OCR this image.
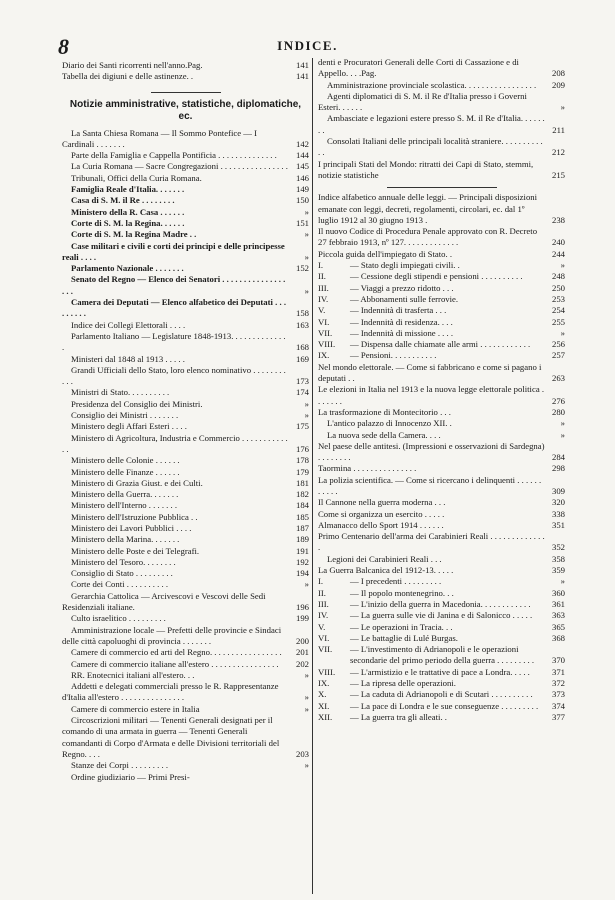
8	INDICE.
Diario dei Santi ricorrenti nell'anno.Pag.	141
Tabella dei digiuni e delle astinenze. .	141
Notizie amministrative, statistiche, diplomatiche, ec.
La Santa Chiesa Romana — Il Sommo Pontefice — I Cardinali . . . . . . .	142
Parte della Famiglia e Cappella Pontificia . . . . . . . . . . . . . .	144
La Curia Romana — Sacre Congregazioni . . . . . . . . . . . . . . . . 145
Tribunali, Offici della Curia Romana.	146
Famiglia Reale d'Italia. . . . . . .	149
Casa di S. M. il Re . . . . . . . .	150
Ministero della R. Casa . . . . . .	»
Corte di S. M. la Regina. . . . . .	151
Corte di S. M. la Regina Madre . .	»
Case militari e civili e corti dei principi e delle principesse reali . . . .	»
Parlamento Nazionale . . . . . . .	152
Senato del Regno — Elenco dei Senatori . . . . . . . . . . . . . . . . . .	»
Camera dei Deputati — Elenco alfabetico dei Deputati . . . . . . . . .	158
Indice dei Collegi Elettorali . . . .	163
Parlamento Italiano — Legislature 1848-1913. . . . . . . . . . . . . .	168
Ministeri dal 1848 al 1913 . . . . .	169
Grandi Ufficiali dello Stato, loro elenco nominativo . . . . . . . . . . .	173
Ministri di Stato. . . . . . . . . .	174
Presidenza del Consiglio dei Ministri.	»
Consiglio dei Ministri . . . . . . .	»
Ministero degli Affari Esteri . . . .	175
Ministero di Agricoltura, Industria e Commercio . . . . . . . . . . . . .	176
Ministero delle Colonie . . . . . .	178
Ministero delle Finanze . . . . . .	179
Ministero di Grazia Giust. e dei Culti.	181
Ministero della Guerra. . . . . . .	182
Ministero dell'Interno . . . . . . .	184
Ministero dell'Istruzione Pubblica . .	185
Ministero dei Lavori Pubblici . . . .	187
Ministero della Marina. . . . . . .	189
Ministero delle Poste e dei Telegrafi.	191
Ministero del Tesoro. . . . . . . .	192
Consiglio di Stato . . . . . . . . .	194
Corte dei Conti . . . . . . . . . .	»
Gerarchia Cattolica — Arcivescovi e Vescovi delle Sedi Residenziali italiane.	196
Culto israelitico . . . . . . . . .	199
Amministrazione locale — Prefetti delle provincie e Sindaci delle città capoluoghi di provincia . . . . . . .	200
Camere di commercio ed arti del Regno. . . . . . . . . . . . . . . . .	201
Camere di commercio italiane all'estero . . . . . . . . . . . . . . . .	202
RR. Enotecnici italiani all'estero. . .	»
Addetti e delegati commerciali presso le R. Rappresentanze d'Italia all'estero . . . . . . . . . . . . . . .	»
Camere di commercio estere in Italia	»
Circoscrizioni militari — Tenenti Generali designati per il comando di una armata in guerra — Tenenti Generali comandanti di Corpo d'Armata e delle Divisioni territoriali del Regno. . . .	203
Stanze dei Corpi . . . . . . . . .	»
Ordine giudiziario — Primi Presi-
denti e Procuratori Generali delle Corti di Cassazione e di Appello. . . .Pag.	208
Amministrazione provinciale scolastica. . . . . . . . . . . . . . . . .	209
Agenti diplomatici di S. M. il Re d'Italia presso i Governi Esteri. . . . . .	»
Ambasciate e legazioni estere presso S. M. il Re d'Italia. . . . . . . .	211
Consolati Italiani delle principali località straniere. . . . . . . . . . . .	212
I principali Stati del Mondo: ritratti dei Capi di Stato, stemmi, notizie statistiche	215
Indice alfabetico annuale delle leggi. — Principali disposizioni emanate con leggi, decreti, regolamenti, circolari, ec. dal 1º luglio 1912 al 30 giugno 1913 .	238
Il nuovo Codice di Procedura Penale approvato con R. Decreto 27 febbraio 1913, nº 127. . . . . . . . . . . . .	240
Piccola guida dell'impiegato di Stato. .	244
I.	— Stato degli impiegati civili. .	»
II.	— Cessione degli stipendi e pensioni . . . . . . . . . .	248
III.	— Viaggi a prezzo ridotto . . .	250
IV.	— Abbonamenti sulle ferrovie.	253
V.	— Indennità di trasferta . . .	254
VI.	— Indennità di residenza. . . .	255
VII.	— Indennità di missione . . . .	»
VIII.	— Dispensa dalle chiamate alle armi . . . . . . . . . . . .	256
IX.	— Pensioni. . . . . . . . . . .	257
Nel mondo elettorale. — Come si fabbricano e come si pagano i deputati . .	263
Le elezioni in Italia nel 1913 e la nuova legge elettorale politica . . . . . . .	276
La trasformazione di Montecitorio . . .	280
L'antico palazzo di Innocenzo XII. .	»
La nuova sede della Camera. . . .	»
Nel paese delle antitesi. (Impressioni e osservazioni di Sardegna) . . . . . . . .	284
Taormina . . . . . . . . . . . . . . .	298
La polizia scientifica. — Come si ricercano i delinquenti . . . . . . . . . . .	309
Il Cannone nella guerra moderna . . .	320
Come si organizza un esercito . . . . .	338
Almanacco dello Sport 1914 . . . . . .	351
Primo Centenario dell'arma dei Carabinieri Reali . . . . . . . . . . . . . .	352
Legioni dei Carabinieri Reali . . .	358
La Guerra Balcanica del 1912-13. . . . .	359
I.	— I precedenti . . . . . . . . .	»
II.	— Il popolo montenegrino. . .	360
III.	— L'inizio della guerra in Macedonia. . . . . . . . . . . .	361
IV.	— La guerra sulle vie di Janina e di Salonicco . . . . .	363
V.	— Le operazioni in Tracia. . .	365
VI.	— Le battaglie di Lulé Burgas.	368
VII.	— L'investimento di Adrianopoli e le operazioni secondarie del primo periodo della guerra . . . . . . . . .	370
VIII.	— L'armistizio e le trattative di pace a Londra. . . . .	371
IX.	— La ripresa delle operazioni.	372
X.	— La caduta di Adrianopoli e di Scutari . . . . . . . . . .	373
XI.	— La pace di Londra e le sue conseguenze . . . . . . . . .	374
XII.	— La guerra tra gli alleati. .	377
